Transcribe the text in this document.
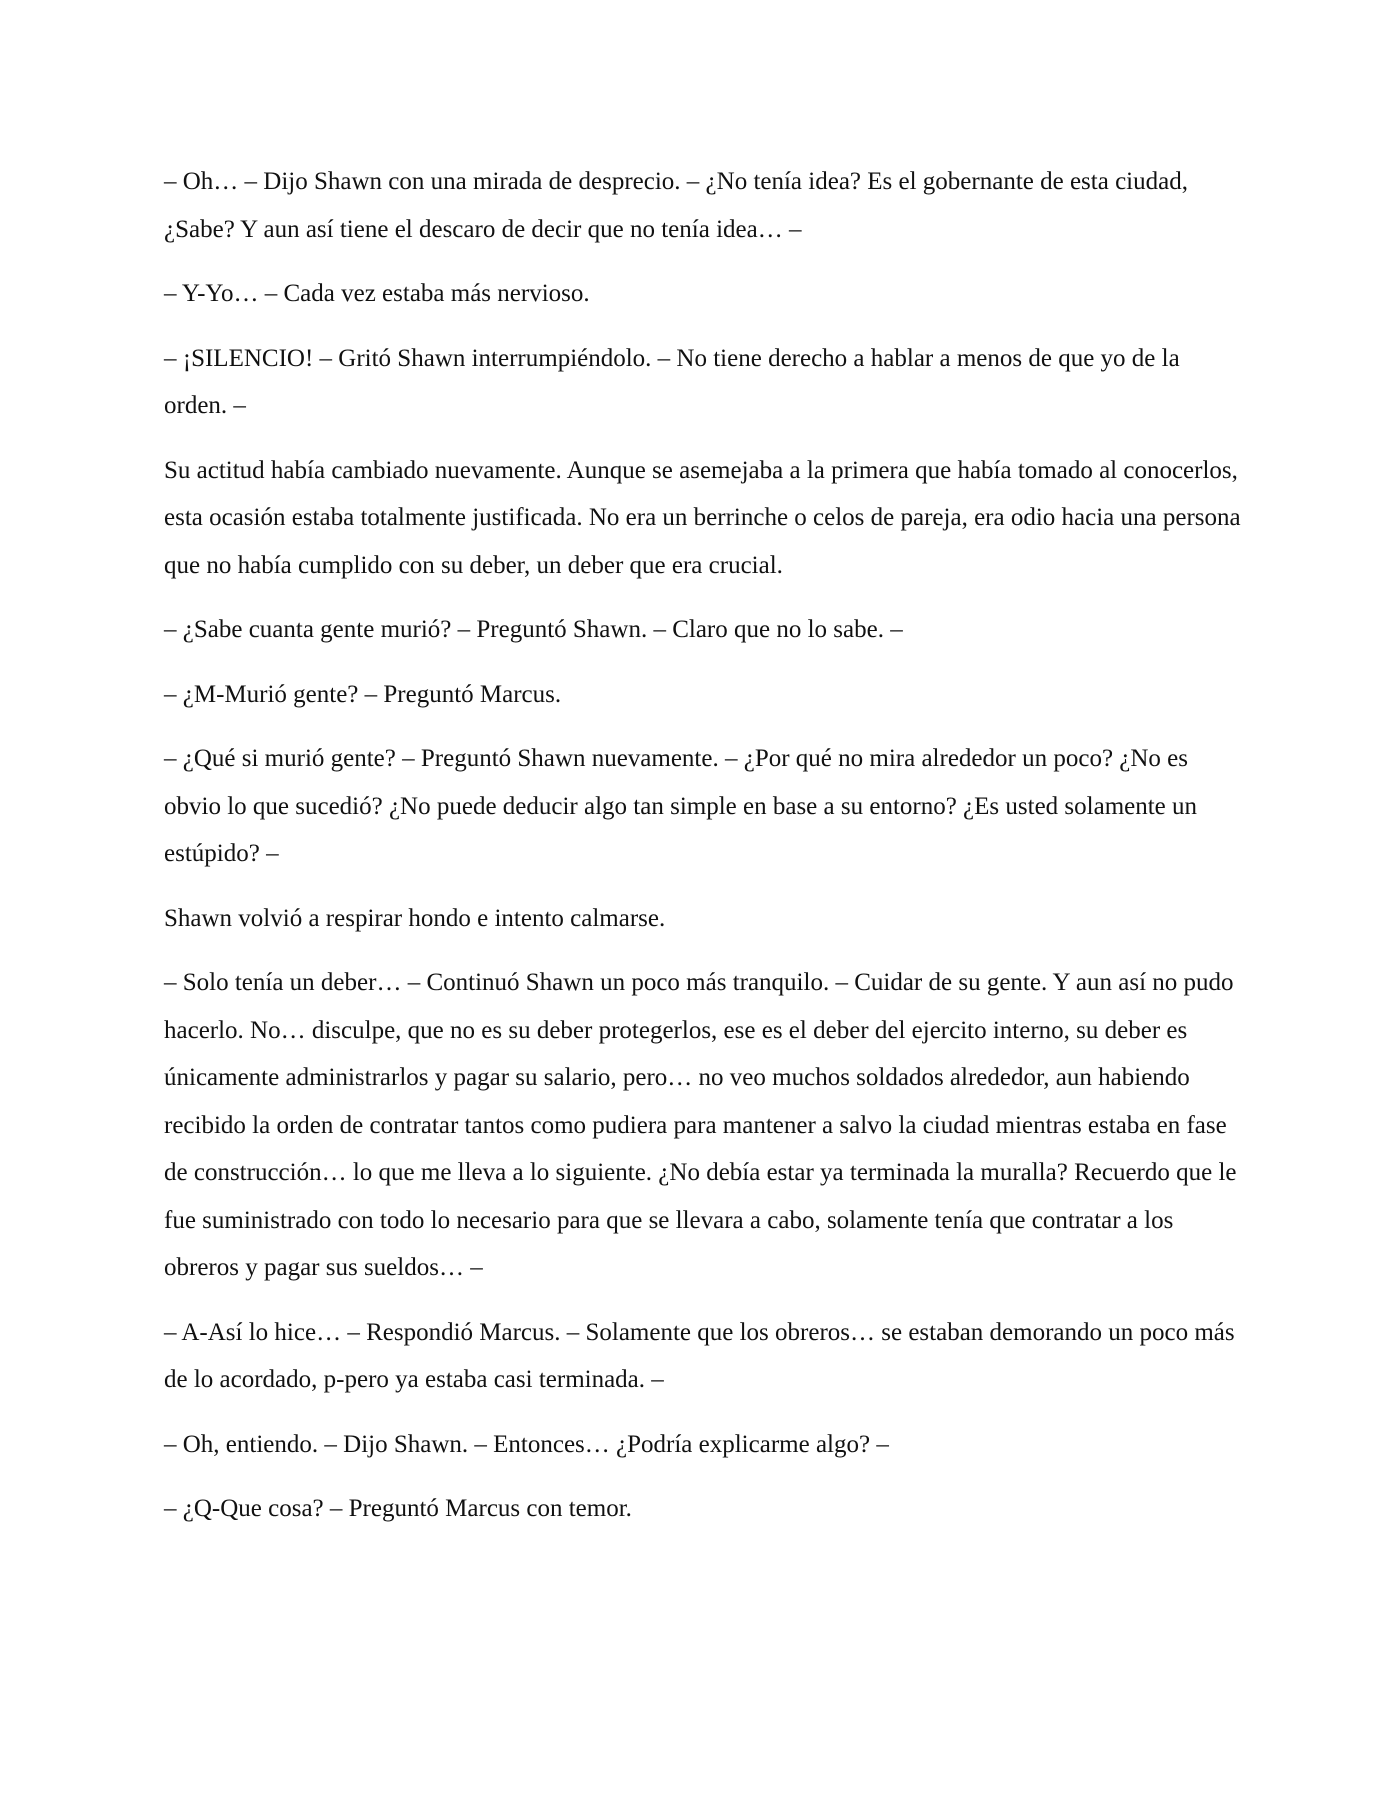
– Oh… – Dijo Shawn con una mirada de desprecio. – ¿No tenía idea? Es el gobernante de esta ciudad, ¿Sabe? Y aun así tiene el descaro de decir que no tenía idea… –

– Y-Yo… – Cada vez estaba más nervioso.

– ¡SILENCIO! – Gritó Shawn interrumpiéndolo. – No tiene derecho a hablar a menos de que yo de la orden. –

Su actitud había cambiado nuevamente. Aunque se asemejaba a la primera que había tomado al conocerlos, esta ocasión estaba totalmente justificada. No era un berrinche o celos de pareja, era odio hacia una persona que no había cumplido con su deber, un deber que era crucial.

– ¿Sabe cuanta gente murió? – Preguntó Shawn. – Claro que no lo sabe. –

– ¿M-Murió gente? – Preguntó Marcus.

– ¿Qué si murió gente? – Preguntó Shawn nuevamente. – ¿Por qué no mira alrededor un poco? ¿No es obvio lo que sucedió? ¿No puede deducir algo tan simple en base a su entorno? ¿Es usted solamente un estúpido? –

Shawn volvió a respirar hondo e intento calmarse.

– Solo tenía un deber… – Continuó Shawn un poco más tranquilo. – Cuidar de su gente. Y aun así no pudo hacerlo. No… disculpe, que no es su deber protegerlos, ese es el deber del ejercito interno, su deber es únicamente administrarlos y pagar su salario, pero… no veo muchos soldados alrededor, aun habiendo recibido la orden de contratar tantos como pudiera para mantener a salvo la ciudad mientras estaba en fase de construcción… lo que me lleva a lo siguiente. ¿No debía estar ya terminada la muralla? Recuerdo que le fue suministrado con todo lo necesario para que se llevara a cabo, solamente tenía que contratar a los obreros y pagar sus sueldos… –

– A-Así lo hice… – Respondió Marcus. – Solamente que los obreros… se estaban demorando un poco más de lo acordado, p-pero ya estaba casi terminada. –

– Oh, entiendo. – Dijo Shawn. – Entonces… ¿Podría explicarme algo? –

– ¿Q-Que cosa? – Preguntó Marcus con temor.
